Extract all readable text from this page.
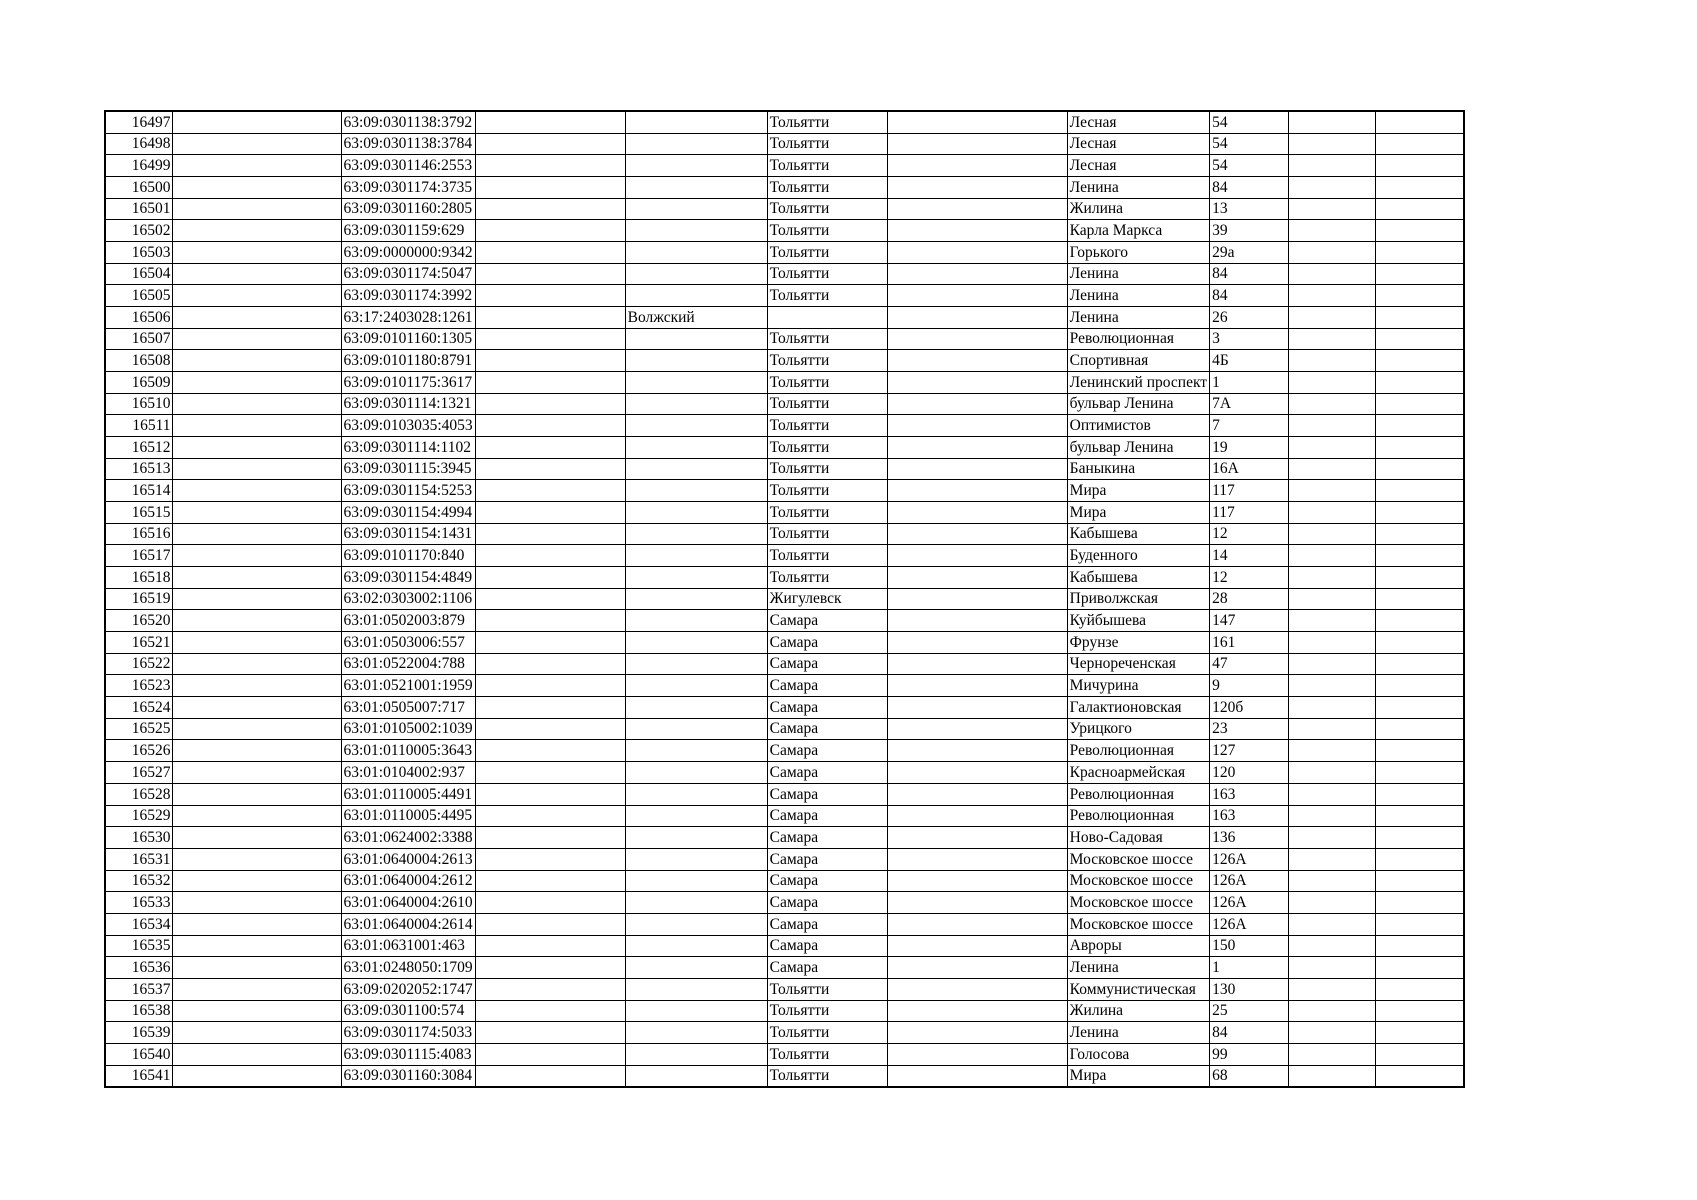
16497		63:09:0301138:3792			Тольятти		Лесная	54		
16498		63:09:0301138:3784			Тольятти		Лесная	54		
16499		63:09:0301146:2553			Тольятти		Лесная	54		
16500		63:09:0301174:3735			Тольятти		Ленина	84		
16501		63:09:0301160:2805			Тольятти		Жилина	13		
16502		63:09:0301159:629			Тольятти		Карла Маркса	39		
16503		63:09:0000000:9342			Тольятти		Горького	29а		
16504		63:09:0301174:5047			Тольятти		Ленина	84		
16505		63:09:0301174:3992			Тольятти		Ленина	84		
16506		63:17:2403028:1261		Волжский			Ленина	26		
16507		63:09:0101160:1305			Тольятти		Революционная	3		
16508		63:09:0101180:8791			Тольятти		Спортивная	4Б		
16509		63:09:0101175:3617			Тольятти		Ленинский проспект	1		
16510		63:09:0301114:1321			Тольятти		бульвар Ленина	7А		
16511		63:09:0103035:4053			Тольятти		Оптимистов	7		
16512		63:09:0301114:1102			Тольятти		бульвар Ленина	19		
16513		63:09:0301115:3945			Тольятти		Баныкина	16А		
16514		63:09:0301154:5253			Тольятти		Мира	117		
16515		63:09:0301154:4994			Тольятти		Мира	117		
16516		63:09:0301154:1431			Тольятти		Кабышева	12		
16517		63:09:0101170:840			Тольятти		Буденного	14		
16518		63:09:0301154:4849			Тольятти		Кабышева	12		
16519		63:02:0303002:1106			Жигулевск		Приволжская	28		
16520		63:01:0502003:879			Самара		Куйбышева	147		
16521		63:01:0503006:557			Самара		Фрунзе	161		
16522		63:01:0522004:788			Самара		Чернореченская	47		
16523		63:01:0521001:1959			Самара		Мичурина	9		
16524		63:01:0505007:717			Самара		Галактионовская	120б		
16525		63:01:0105002:1039			Самара		Урицкого	23		
16526		63:01:0110005:3643			Самара		Революционная	127		
16527		63:01:0104002:937			Самара		Красноармейская	120		
16528		63:01:0110005:4491			Самара		Революционная	163		
16529		63:01:0110005:4495			Самара		Революционная	163		
16530		63:01:0624002:3388			Самара		Ново-Садовая	136		
16531		63:01:0640004:2613			Самара		Московское шоссе	126А		
16532		63:01:0640004:2612			Самара		Московское шоссе	126А		
16533		63:01:0640004:2610			Самара		Московское шоссе	126А		
16534		63:01:0640004:2614			Самара		Московское шоссе	126А		
16535		63:01:0631001:463			Самара		Авроры	150		
16536		63:01:0248050:1709			Самара		Ленина	1		
16537		63:09:0202052:1747			Тольятти		Коммунистическая	130		
16538		63:09:0301100:574			Тольятти		Жилина	25		
16539		63:09:0301174:5033			Тольятти		Ленина	84		
16540		63:09:0301115:4083			Тольятти		Голосова	99		
16541		63:09:0301160:3084			Тольятти		Мира	68		
